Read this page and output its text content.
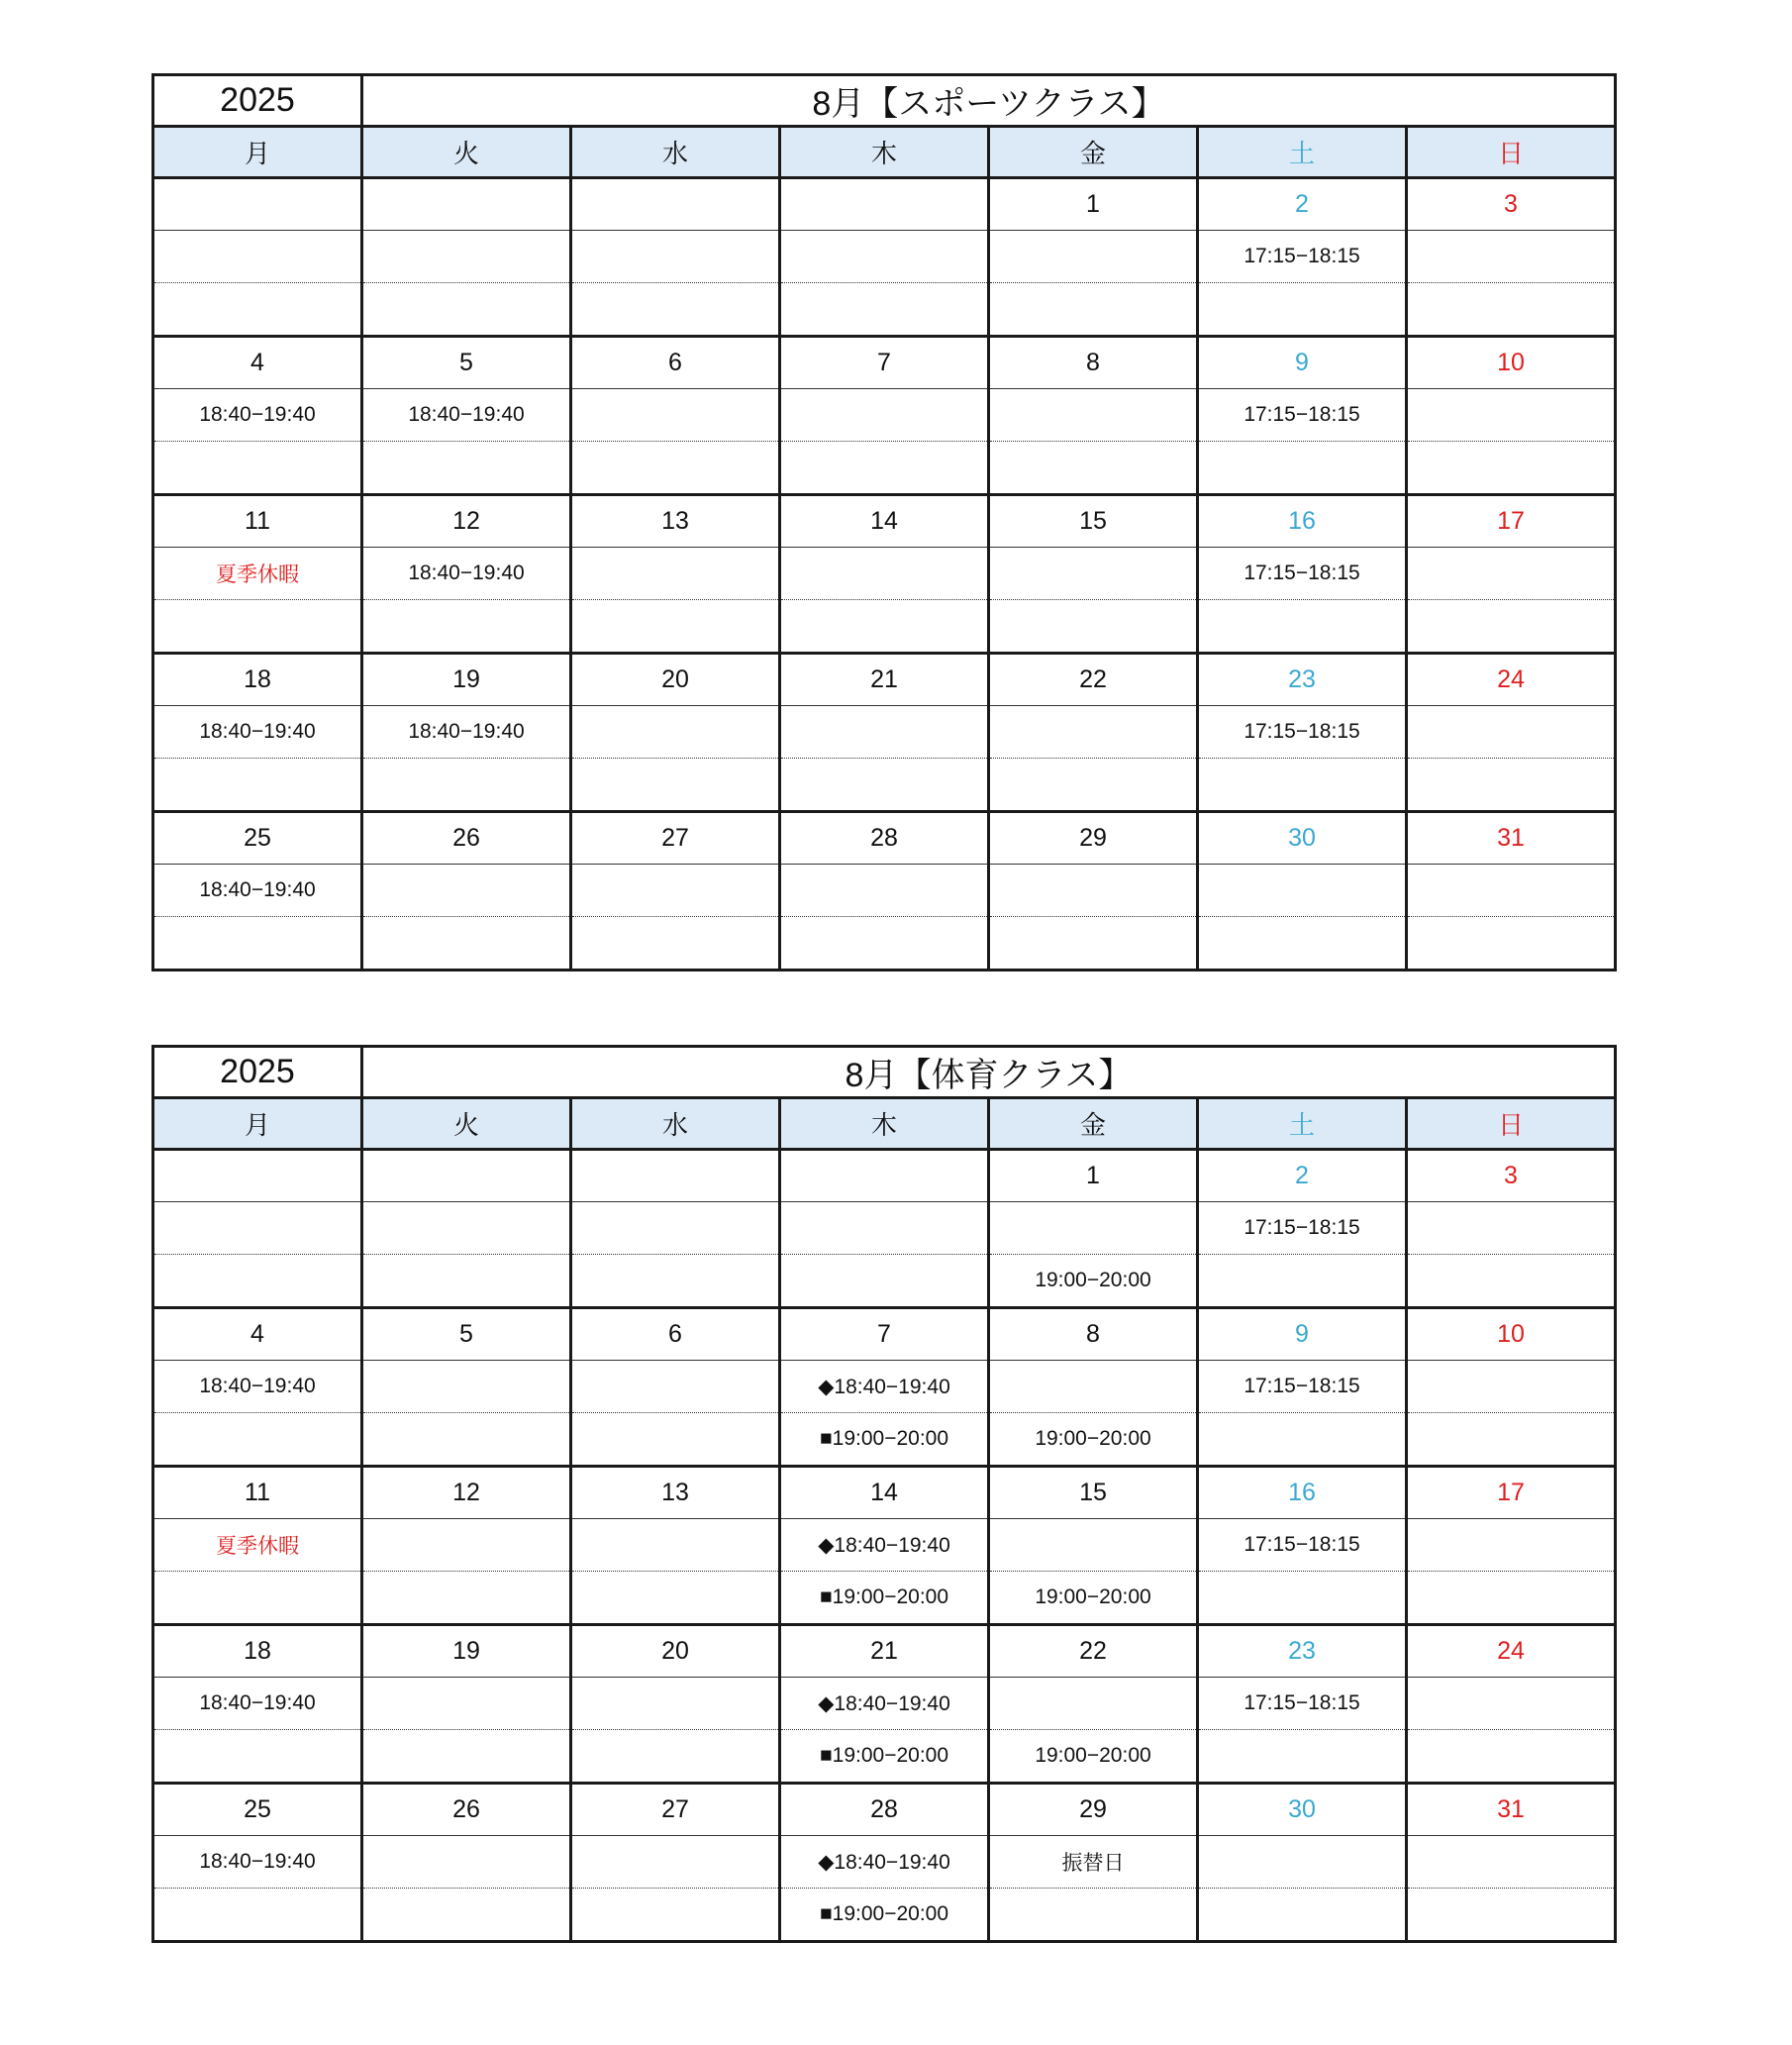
2025	8月【スポーツクラス】					
月	火	水	木	金	土	日
				1	2	3
					17:15−18:15	

4	5	6	7	8	9	10
18:40−19:40	18:40−19:40				17:15−18:15	

11	12	13	14	15	16	17
夏季休暇	18:40−19:40				17:15−18:15	

18	19	20	21	22	23	24
18:40−19:40	18:40−19:40				17:15−18:15	

25	26	27	28	29	30	31
18:40−19:40						

2025	8月【体育クラス】					
月	火	水	木	金	土	日
				1	2	3
					17:15−18:15	
				19:00−20:00		
4	5	6	7	8	9	10
18:40−19:40			◆18:40−19:40		17:15−18:15	
			■19:00−20:00	19:00−20:00		
11	12	13	14	15	16	17
夏季休暇			◆18:40−19:40		17:15−18:15	
			■19:00−20:00	19:00−20:00		
18	19	20	21	22	23	24
18:40−19:40			◆18:40−19:40		17:15−18:15	
			■19:00−20:00	19:00−20:00		
25	26	27	28	29	30	31
18:40−19:40			◆18:40−19:40	振替日		
			■19:00−20:00			
